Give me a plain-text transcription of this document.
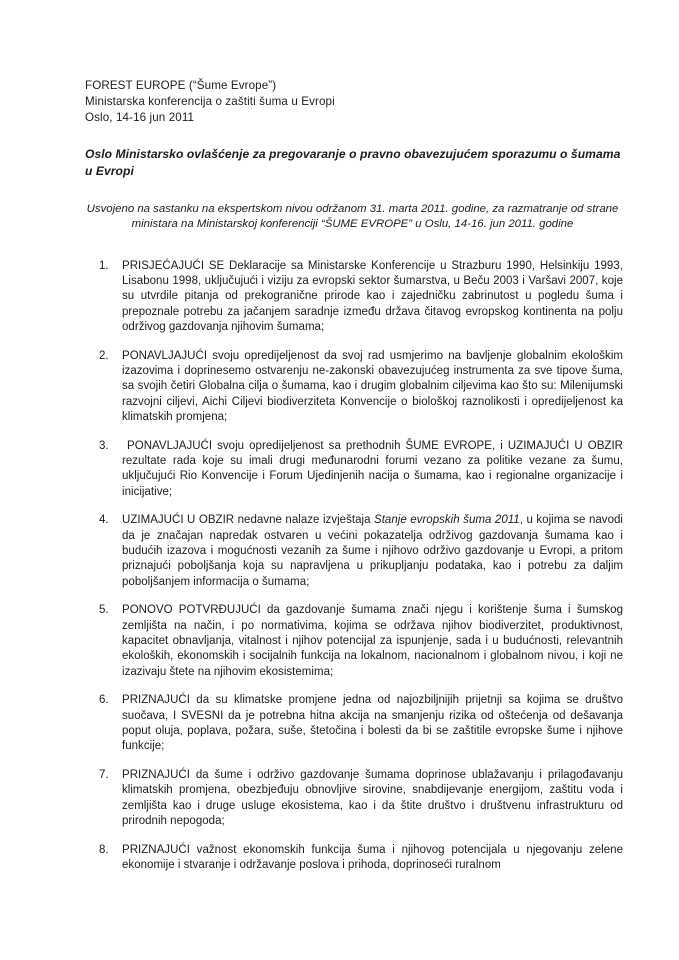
FOREST EUROPE (“Šume Evrope”)
Ministarska konferencija o zaštiti šuma u Evropi
Oslo, 14-16 jun 2011
Oslo Ministarsko ovlašćenje za pregovaranje o pravno obavezujućem sporazumu o šumama u Evropi

Usvojeno na sastanku na ekspertskom nivou održanom 31. marta 2011. godine, za razmatranje od strane ministara na Ministarskoj konferenciji “ŠUME EVROPE” u Oslu, 14-16. jun 2011. godine

PRISJEĆAJUĆI SE Deklaracije sa Ministarske Konferencije u Strazburu 1990, Helsinkiju 1993, Lisabonu 1998, uključujući i viziju za evropski sektor šumarstva, u Beču 2003 i Varšavi 2007, koje su utvrdile pitanja od prekogranične prirode kao i zajedničku zabrinutost u pogledu šuma i prepoznale potrebu za jačanjem saradnje između država čitavog evropskog kontinenta na polju održivog gazdovanja njihovim šumama;
PONAVLJAJUĆI svoju opredijeljenost da svoj rad usmjerimo na bavljenje globalnim ekološkim izazovima i doprinesemo ostvarenju ne-zakonski obavezujućeg instrumenta za sve tipove šuma, sa svojih četiri Globalna cilja o šumama, kao i drugim globalnim ciljevima kao što su: Milenijumski razvojni ciljevi, Aichi Ciljevi biodiverziteta Konvencije o biološkoj raznolikosti i opredijeljenost ka klimatskih promjena;
PONAVLJAJUĆI svoju opredijeljenost sa prethodnih ŠUME EVROPE, i UZIMAJUĆI U OBZIR rezultate rada koje su imali drugi međunarodni forumi vezano za politike vezane za šumu, uključujući Rio Konvencije i Forum Ujedinjenih nacija o šumama, kao i regionalne organizacije i inicijative;
UZIMAJUĆI U OBZIR nedavne nalaze izvještaja Stanje evropskih šuma 2011, u kojima se navodi da je značajan napredak ostvaren u većini pokazatelja održivog gazdovanja šumama kao i budućih izazova i mogućnosti vezanih za šume i njihovo održivo gazdovanje u Evropi, a pritom priznajući poboljšanja koja su napravljena u prikupljanju podataka, kao i potrebu za daljim poboljšanjem informacija o šumama;
PONOVO POTVRĐUJUĆI da gazdovanje šumama znači njegu i korištenje šuma i šumskog zemljišta na način, i po normativima, kojima se održava njihov biodiverzitet, produktivnost, kapacitet obnavljanja, vitalnost i njihov potencijal za ispunjenje, sada i u budućnosti, relevantnih ekoloških, ekonomskih i socijalnih funkcija na lokalnom, nacionalnom i globalnom nivou, i koji ne izazivaju štete na njihovim ekosistemima;
PRIZNAJUĆI da su klimatske promjene jedna od najozbiljnijih prijetnji sa kojima se društvo suočava, I SVESNI da je potrebna hitna akcija na smanjenju rizika od oštećenja od dešavanja poput oluja, poplava, požara, suše, štetočina i bolesti da bi se zaštitile evropske šume i njihove funkcije;
PRIZNAJUĆI da šume i održivo gazdovanje šumama doprinose ublažavanju i prilagođavanju klimatskih promjena, obezbjeđuju obnovljive sirovine, snabdijevanje energijom, zaštitu voda i zemljišta kao i druge usluge ekosistema, kao i da štite društvo i društvenu infrastrukturu od prirodnih nepogoda;
PRIZNAJUĆI važnost ekonomskih funkcija šuma i njihovog potencijala u njegovanju zelene ekonomije i stvaranje i održavanje poslova i prihoda, doprinoseći ruralnom
